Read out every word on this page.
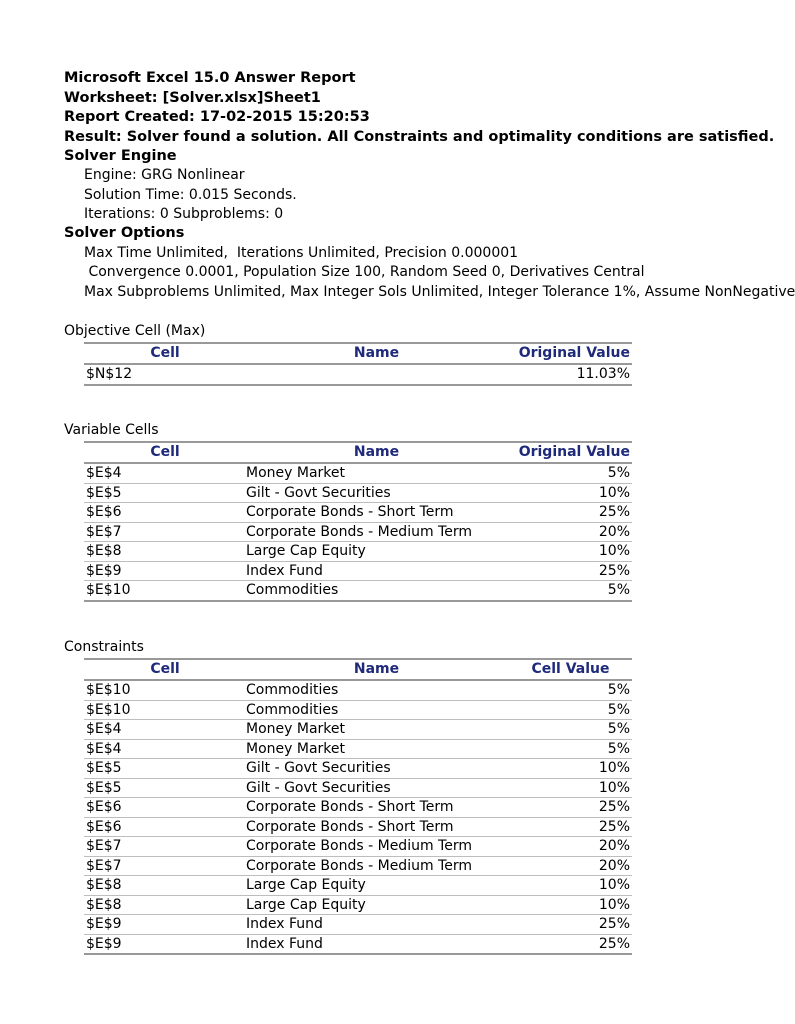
Microsoft Excel 15.0 Answer Report
Worksheet: [Solver.xlsx]Sheet1
Report Created: 17-02-2015 15:20:53
Result: Solver found a solution. All Constraints and optimality conditions are satisfied.
Solver Engine
Engine: GRG Nonlinear
Solution Time: 0.015 Seconds.
Iterations: 0 Subproblems: 0
Solver Options
Max Time Unlimited,  Iterations Unlimited, Precision 0.000001
Convergence 0.0001, Population Size 100, Random Seed 0, Derivatives Central
Max Subproblems Unlimited, Max Integer Sols Unlimited, Integer Tolerance 1%, Assume NonNegative
Objective Cell (Max)
Cell	Name	Original Value
$N$12		11.03%
Variable Cells
Cell	Name	Original Value
$E$4	Money Market	5%
$E$5	Gilt - Govt Securities	10%
$E$6	Corporate Bonds - Short Term	25%
$E$7	Corporate Bonds - Medium Term	20%
$E$8	Large Cap Equity	10%
$E$9	Index Fund	25%
$E$10	Commodities	5%
Constraints
Cell	Name	Cell Value
$E$10	Commodities	5%
$E$10	Commodities	5%
$E$4	Money Market	5%
$E$4	Money Market	5%
$E$5	Gilt - Govt Securities	10%
$E$5	Gilt - Govt Securities	10%
$E$6	Corporate Bonds - Short Term	25%
$E$6	Corporate Bonds - Short Term	25%
$E$7	Corporate Bonds - Medium Term	20%
$E$7	Corporate Bonds - Medium Term	20%
$E$8	Large Cap Equity	10%
$E$8	Large Cap Equity	10%
$E$9	Index Fund	25%
$E$9	Index Fund	25%
